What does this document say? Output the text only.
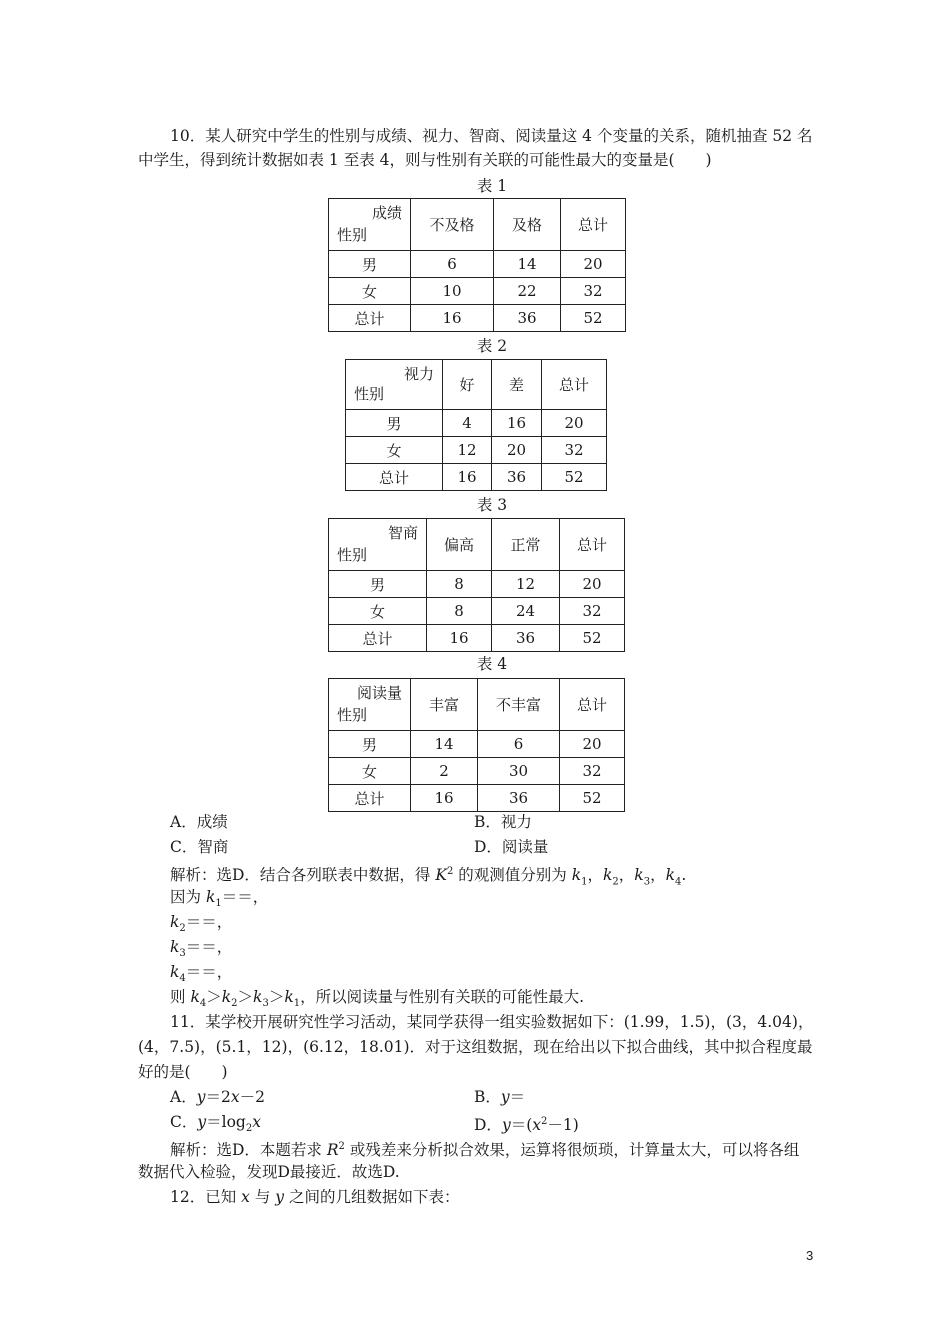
10．某人研究中学生的性别与成绩、视力、智商、阅读量这 4 个变量的关系，随机抽查 52 名
中学生，得到统计数据如表 1 至表 4，则与性别有关联的可能性最大的变量是(　　)
表 1
成绩
性别	不及格	及格	总计
男	6	14	20
女	10	22	32
总计	16	36	52
表 2
视力
性别	好	差	总计
男	4	16	20
女	12	20	32
总计	16	36	52
表 3
智商
性别	偏高	正常	总计
男	8	12	20
女	8	24	32
总计	16	36	52
表 4
阅读量
性别	丰富	不丰富	总计
男	14	6	20
女	2	30	32
总计	16	36	52
A．成绩	B．视力
C．智商	D．阅读量
解析：选D．结合各列联表中数据，得 $K^2$ 的观测值分别为 $k_1$，$k_2$，$k_3$，$k_4$.
因为 $k_1==$，
$k_2==$，
$k_3==$，
$k_4==$，
则 $k_4>k_2>k_3>k_1$，所以阅读量与性别有关联的可能性最大.
11．某学校开展研究性学习活动，某同学获得一组实验数据如下：(1.99，1.5)，(3，4.04)，
(4，7.5)，(5.1，12)，(6.12，18.01)．对于这组数据，现在给出以下拟合曲线，其中拟合程度最
好的是(　　)
A．y＝2x－2	B．y＝
C．$y=\log_2x$	D．$y=(x^2-1)$
解析：选D．本题若求 $R^2$ 或残差来分析拟合效果，运算将很烦琐，计算量太大，可以将各组
数据代入检验，发现D最接近．故选D.
12．已知 x 与 y 之间的几组数据如下表：
3
